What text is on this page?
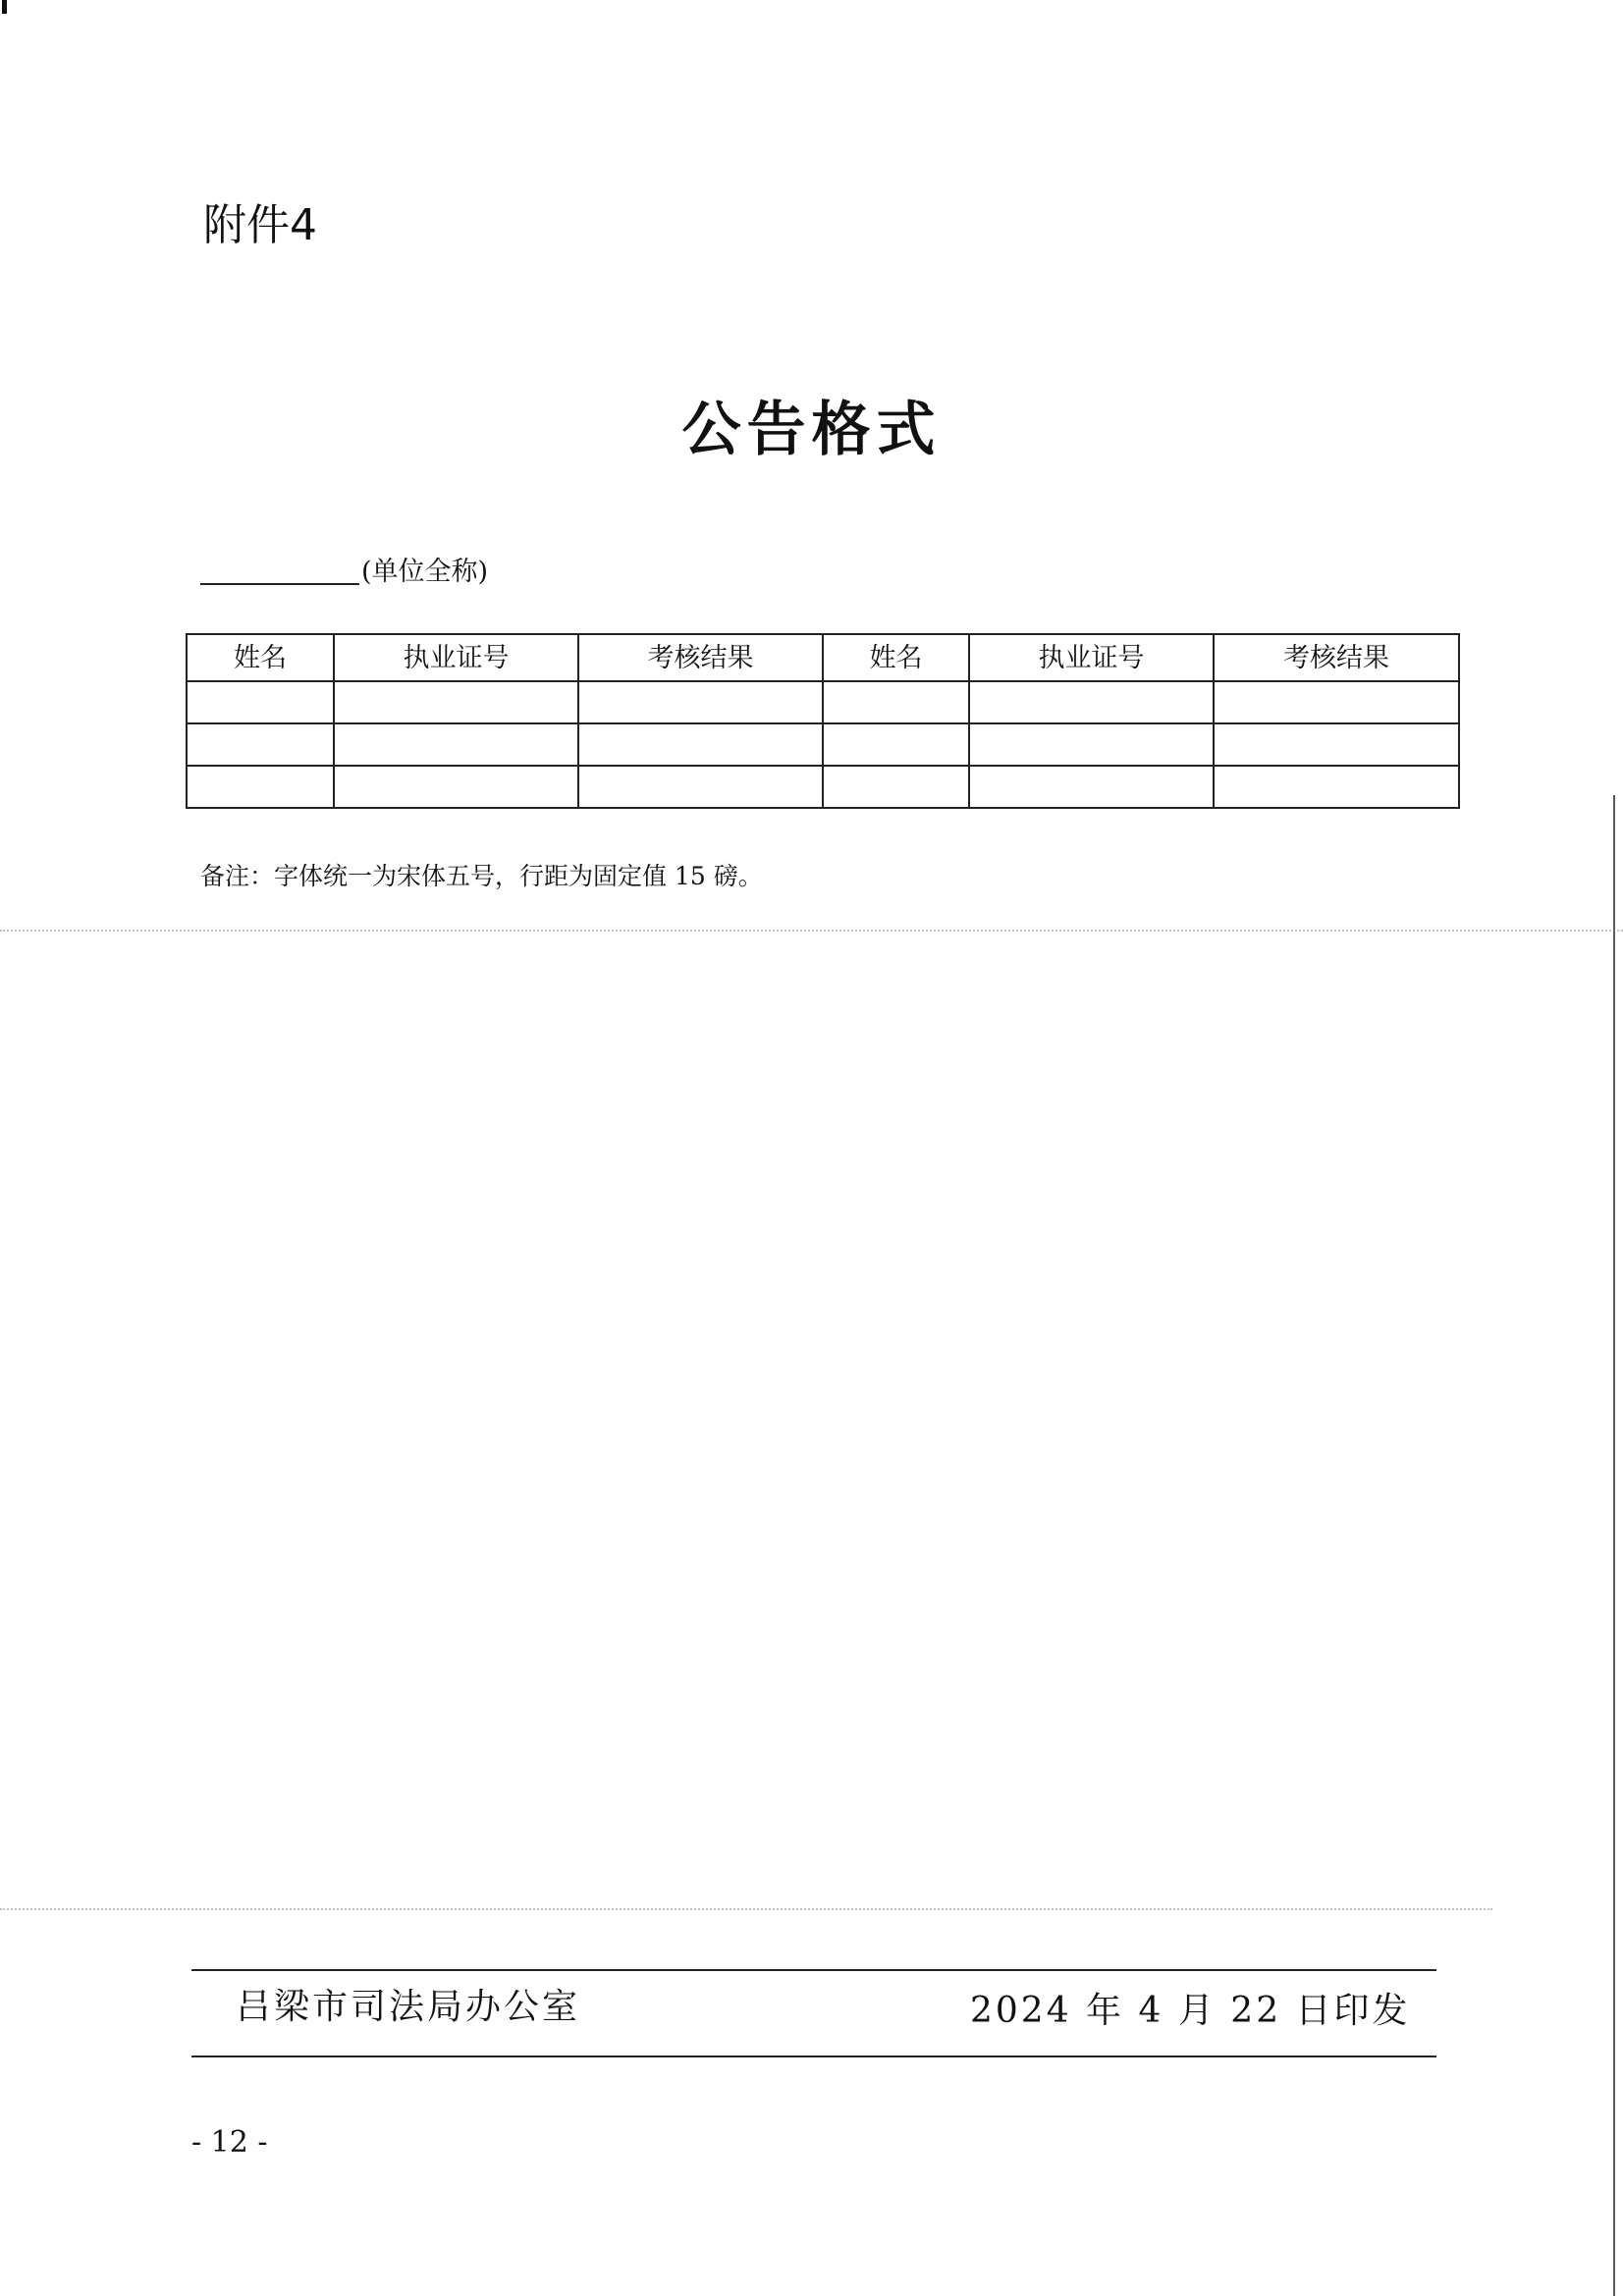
附件4
公告格式
(单位全称)
姓名	执业证号	考核结果	姓名	执业证号	考核结果

备注：字体统一为宋体五号，行距为固定值 15 磅。
吕梁市司法局办公室	2024 年 4 月 22 日印发
- 12 -
